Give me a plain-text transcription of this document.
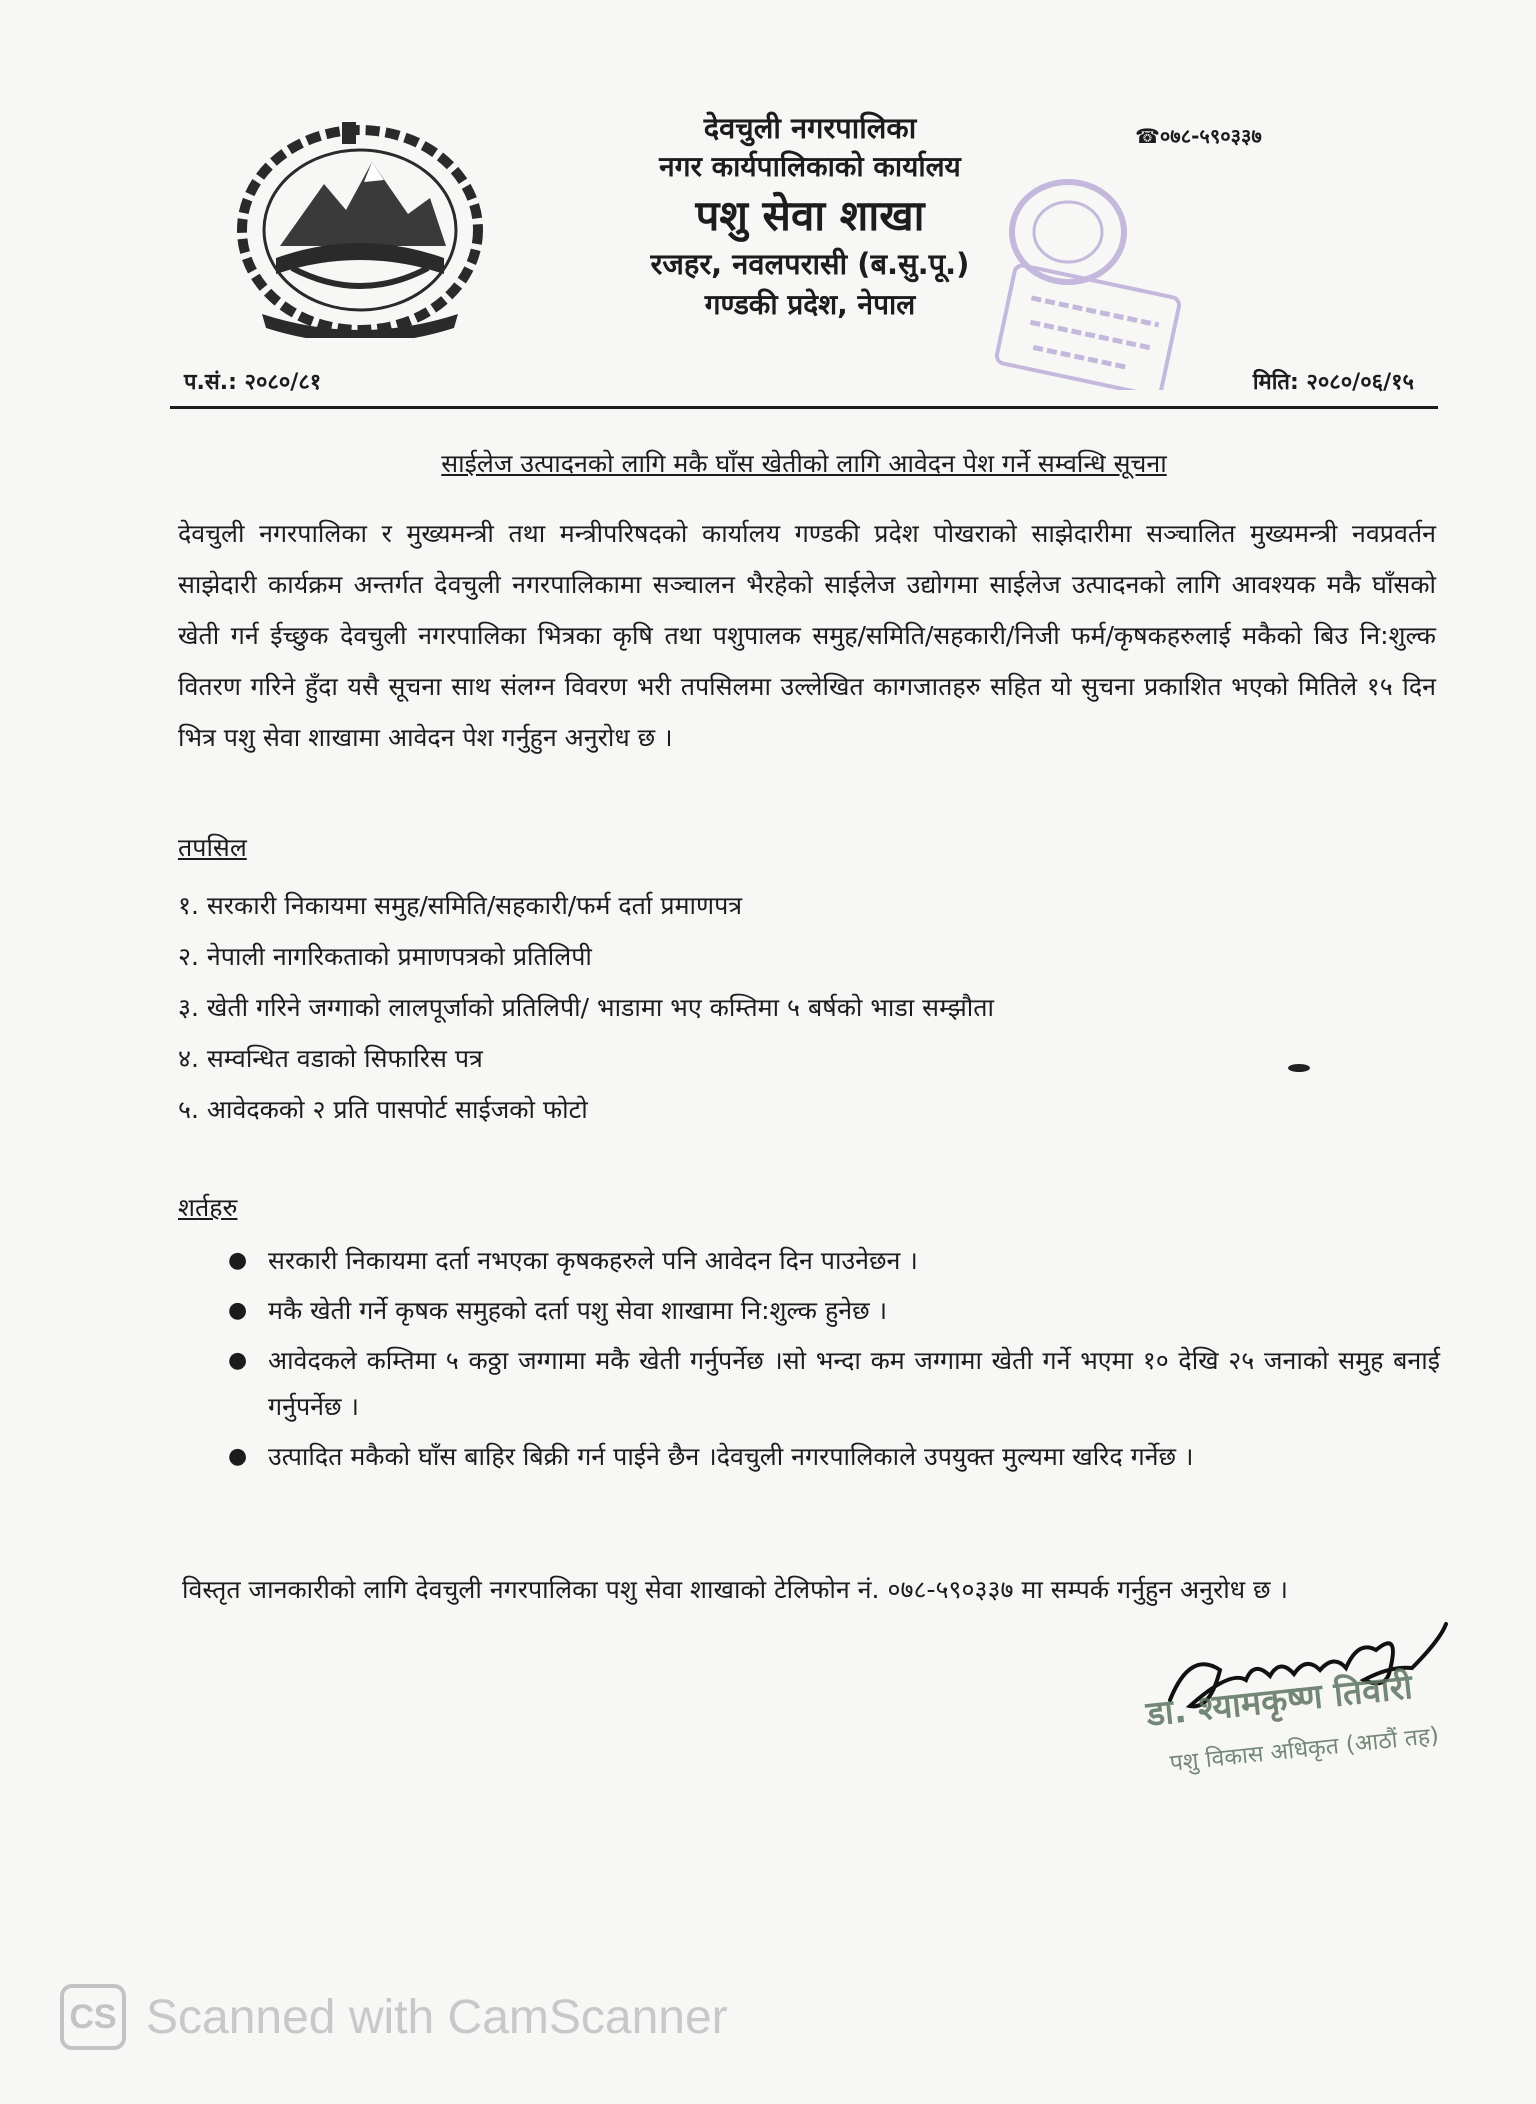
देवचुली नगरपालिका
नगर कार्यपालिकाको कार्यालय
पशु सेवा शाखा
रजहर, नवलपरासी (ब.सु.पू.)
गण्डकी प्रदेश, नेपाल
☎०७८-५९०३३७
प.सं.: २०८०/८१	मिति: २०८०/०६/१५
साईलेज उत्पादनको लागि मकै घाँस खेतीको लागि आवेदन पेश गर्ने सम्वन्धि सूचना
देवचुली नगरपालिका र मुख्यमन्त्री तथा मन्त्रीपरिषदको कार्यालय गण्डकी प्रदेश पोखराको साझेदारीमा सञ्चालित मुख्यमन्त्री नवप्रवर्तन साझेदारी कार्यक्रम अन्तर्गत देवचुली नगरपालिकामा सञ्चालन भैरहेको साईलेज उद्योगमा साईलेज उत्पादनको लागि आवश्यक मकै घाँसको खेती गर्न ईच्छुक देवचुली नगरपालिका भित्रका कृषि तथा पशुपालक समुह/समिति/सहकारी/निजी फर्म/कृषकहरुलाई मकैको बिउ नि:शुल्क वितरण गरिने हुँदा यसै सूचना साथ संलग्न विवरण भरी तपसिलमा उल्लेखित कागजातहरु सहित यो सुचना प्रकाशित भएको मितिले १५ दिन भित्र पशु सेवा शाखामा आवेदन पेश गर्नुहुन अनुरोध छ ।
तपसिल
१. सरकारी निकायमा समुह/समिति/सहकारी/फर्म दर्ता प्रमाणपत्र
२. नेपाली नागरिकताको प्रमाणपत्रको प्रतिलिपी
३. खेती गरिने जग्गाको लालपूर्जाको प्रतिलिपी/ भाडामा भए कम्तिमा ५ बर्षको भाडा सम्झौता
४. सम्वन्धित वडाको सिफारिस पत्र
५. आवेदकको २ प्रति पासपोर्ट साईजको फोटो
शर्तहरु
● सरकारी निकायमा दर्ता नभएका कृषकहरुले पनि आवेदन दिन पाउनेछन ।
● मकै खेती गर्ने कृषक समुहको दर्ता पशु सेवा शाखामा नि:शुल्क हुनेछ ।
● आवेदकले कम्तिमा ५ कठ्ठा जग्गामा मकै खेती गर्नुपर्नेछ ।सो भन्दा कम जग्गामा खेती गर्ने भएमा १० देखि २५ जनाको समुह बनाई गर्नुपर्नेछ ।
● उत्पादित मकैको घाँस बाहिर बिक्री गर्न पाईने छैन ।देवचुली नगरपालिकाले उपयुक्त मुल्यमा खरिद गर्नेछ ।
विस्तृत जानकारीको लागि देवचुली नगरपालिका पशु सेवा शाखाको टेलिफोन नं. ०७८-५९०३३७ मा सम्पर्क गर्नुहुन अनुरोध छ ।
डा. श्यामकृष्ण तिवारी
पशु विकास अधिकृत (आठौं तह)
CS Scanned with CamScanner
